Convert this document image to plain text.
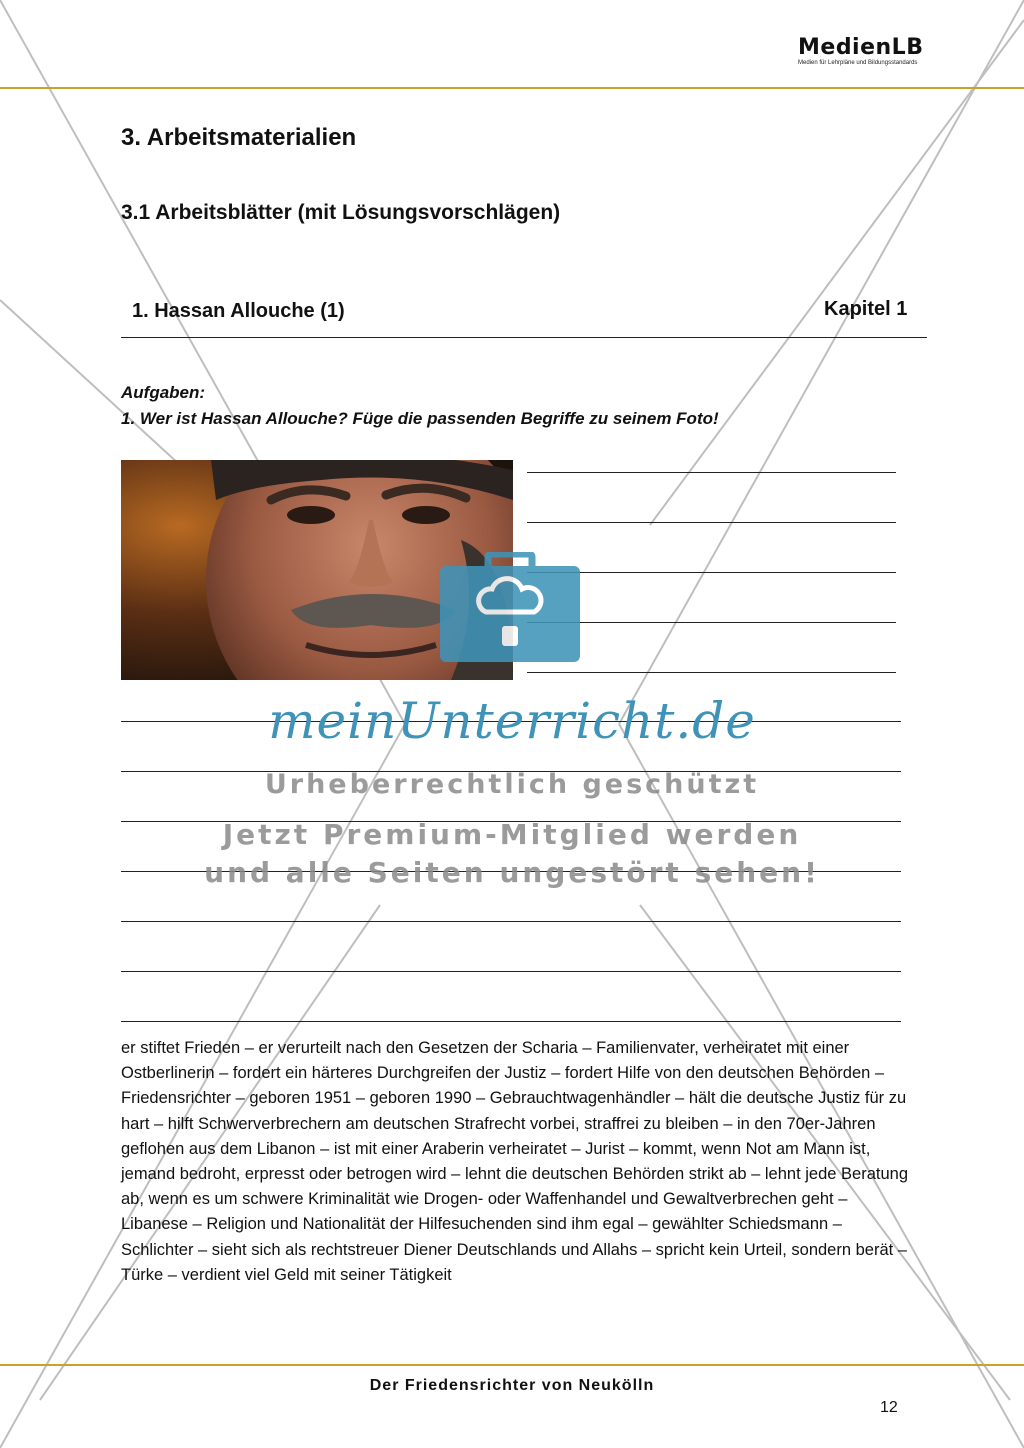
MedienLB
Medien für Lehrpläne und Bildungsstandards
3. Arbeitsmaterialien
3.1 Arbeitsblätter (mit Lösungsvorschlägen)
1. Hassan Allouche (1)	Kapitel 1
Aufgaben:
1. Wer ist Hassan Allouche? Füge die passenden Begriffe zu seinem Foto!
meinUnterricht.de
Urheberrechtlich geschützt
Jetzt Premium-Mitglied werden
und alle Seiten ungestört sehen!
er stiftet Frieden – er verurteilt nach den Gesetzen der Scharia – Familienvater, verheiratet mit einer Ostberlinerin – fordert ein härteres Durchgreifen der Justiz – fordert Hilfe von den deutschen Behörden – Friedensrichter – geboren 1951 – geboren 1990 – Gebrauchtwagenhändler – hält die deutsche Justiz für zu hart – hilft Schwerverbrechern am deutschen Strafrecht vorbei, straffrei zu bleiben – in den 70er-Jahren geflohen aus dem Libanon – ist mit einer Araberin verheiratet – Jurist – kommt, wenn Not am Mann ist, jemand bedroht, erpresst oder betrogen wird – lehnt die deutschen Behörden strikt ab – lehnt jede Beratung ab, wenn es um schwere Kriminalität wie Drogen- oder Waffenhandel und Gewaltverbrechen geht – Libanese – Religion und Nationalität der Hilfesuchenden sind ihm egal – gewählter Schiedsmann – Schlichter – sieht sich als rechtstreuer Diener Deutschlands und Allahs – spricht kein Urteil, sondern berät – Türke – verdient viel Geld mit seiner Tätigkeit
Der Friedensrichter von Neukölln
12
